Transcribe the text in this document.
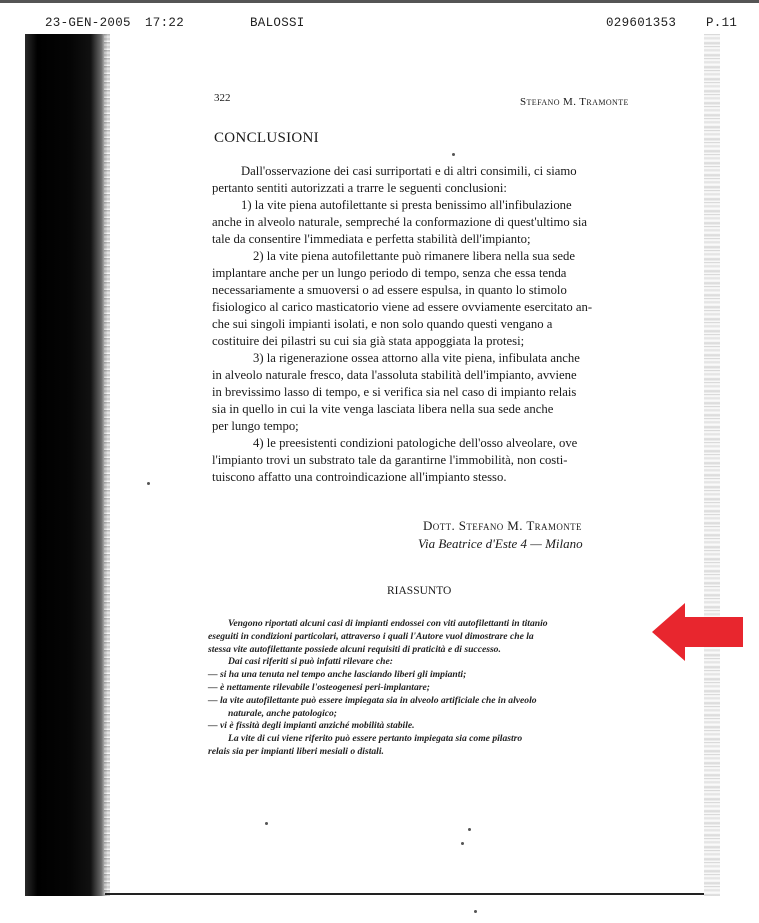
23-GEN-2005 17:22	BALOSSI	029601353 P.11
322	Stefano M. Tramonte
CONCLUSIONI
Dall'osservazione dei casi surriportati e di altri consimili, ci siamo
pertanto sentiti autorizzati a trarre le seguenti conclusioni:
1) la vite piena autofilettante si presta benissimo all'infibulazione
anche in alveolo naturale, sempreché la conformazione di quest'ultimo sia
tale da consentire l'immediata e perfetta stabilità dell'impianto;
2) la vite piena autofilettante può rimanere libera nella sua sede
implantare anche per un lungo periodo di tempo, senza che essa tenda
necessariamente a smuoversi o ad essere espulsa, in quanto lo stimolo
fisiologico al carico masticatorio viene ad essere ovviamente esercitato an-
che sui singoli impianti isolati, e non solo quando questi vengano a
costituire dei pilastri su cui sia già stata appoggiata la protesi;
3) la rigenerazione ossea attorno alla vite piena, infibulata anche
in alveolo naturale fresco, data l'assoluta stabilità dell'impianto, avviene
in brevissimo lasso di tempo, e si verifica sia nel caso di impianto relais
sia in quello in cui la vite venga lasciata libera nella sua sede anche
per lungo tempo;
4) le preesistenti condizioni patologiche dell'osso alveolare, ove
l'impianto trovi un substrato tale da garantirne l'immobilità, non costi-
tuiscono affatto una controindicazione all'impianto stesso.
Dott. Stefano M. Tramonte
Via Beatrice d'Este 4 — Milano
RIASSUNTO
Vengono riportati alcuni casi di impianti endossei con viti autofilettanti in titanio
eseguiti in condizioni particolari, attraverso i quali l'Autore vuol dimostrare che la
stessa vite autofilettante possiede alcuni requisiti di praticità e di successo.
Dai casi riferiti si può infatti rilevare che:
— si ha una tenuta nel tempo anche lasciando liberi gli impianti;
— è nettamente rilevabile l'osteogenesi peri-implantare;
— la vite autofilettante può essere impiegata sia in alveolo artificiale che in alveolo
naturale, anche patologico;
— vi è fissità degli impianti anziché mobilità stabile.
La vite di cui viene riferito può essere pertanto impiegata sia come pilastro
relais sia per impianti liberi mesiali o distali.
